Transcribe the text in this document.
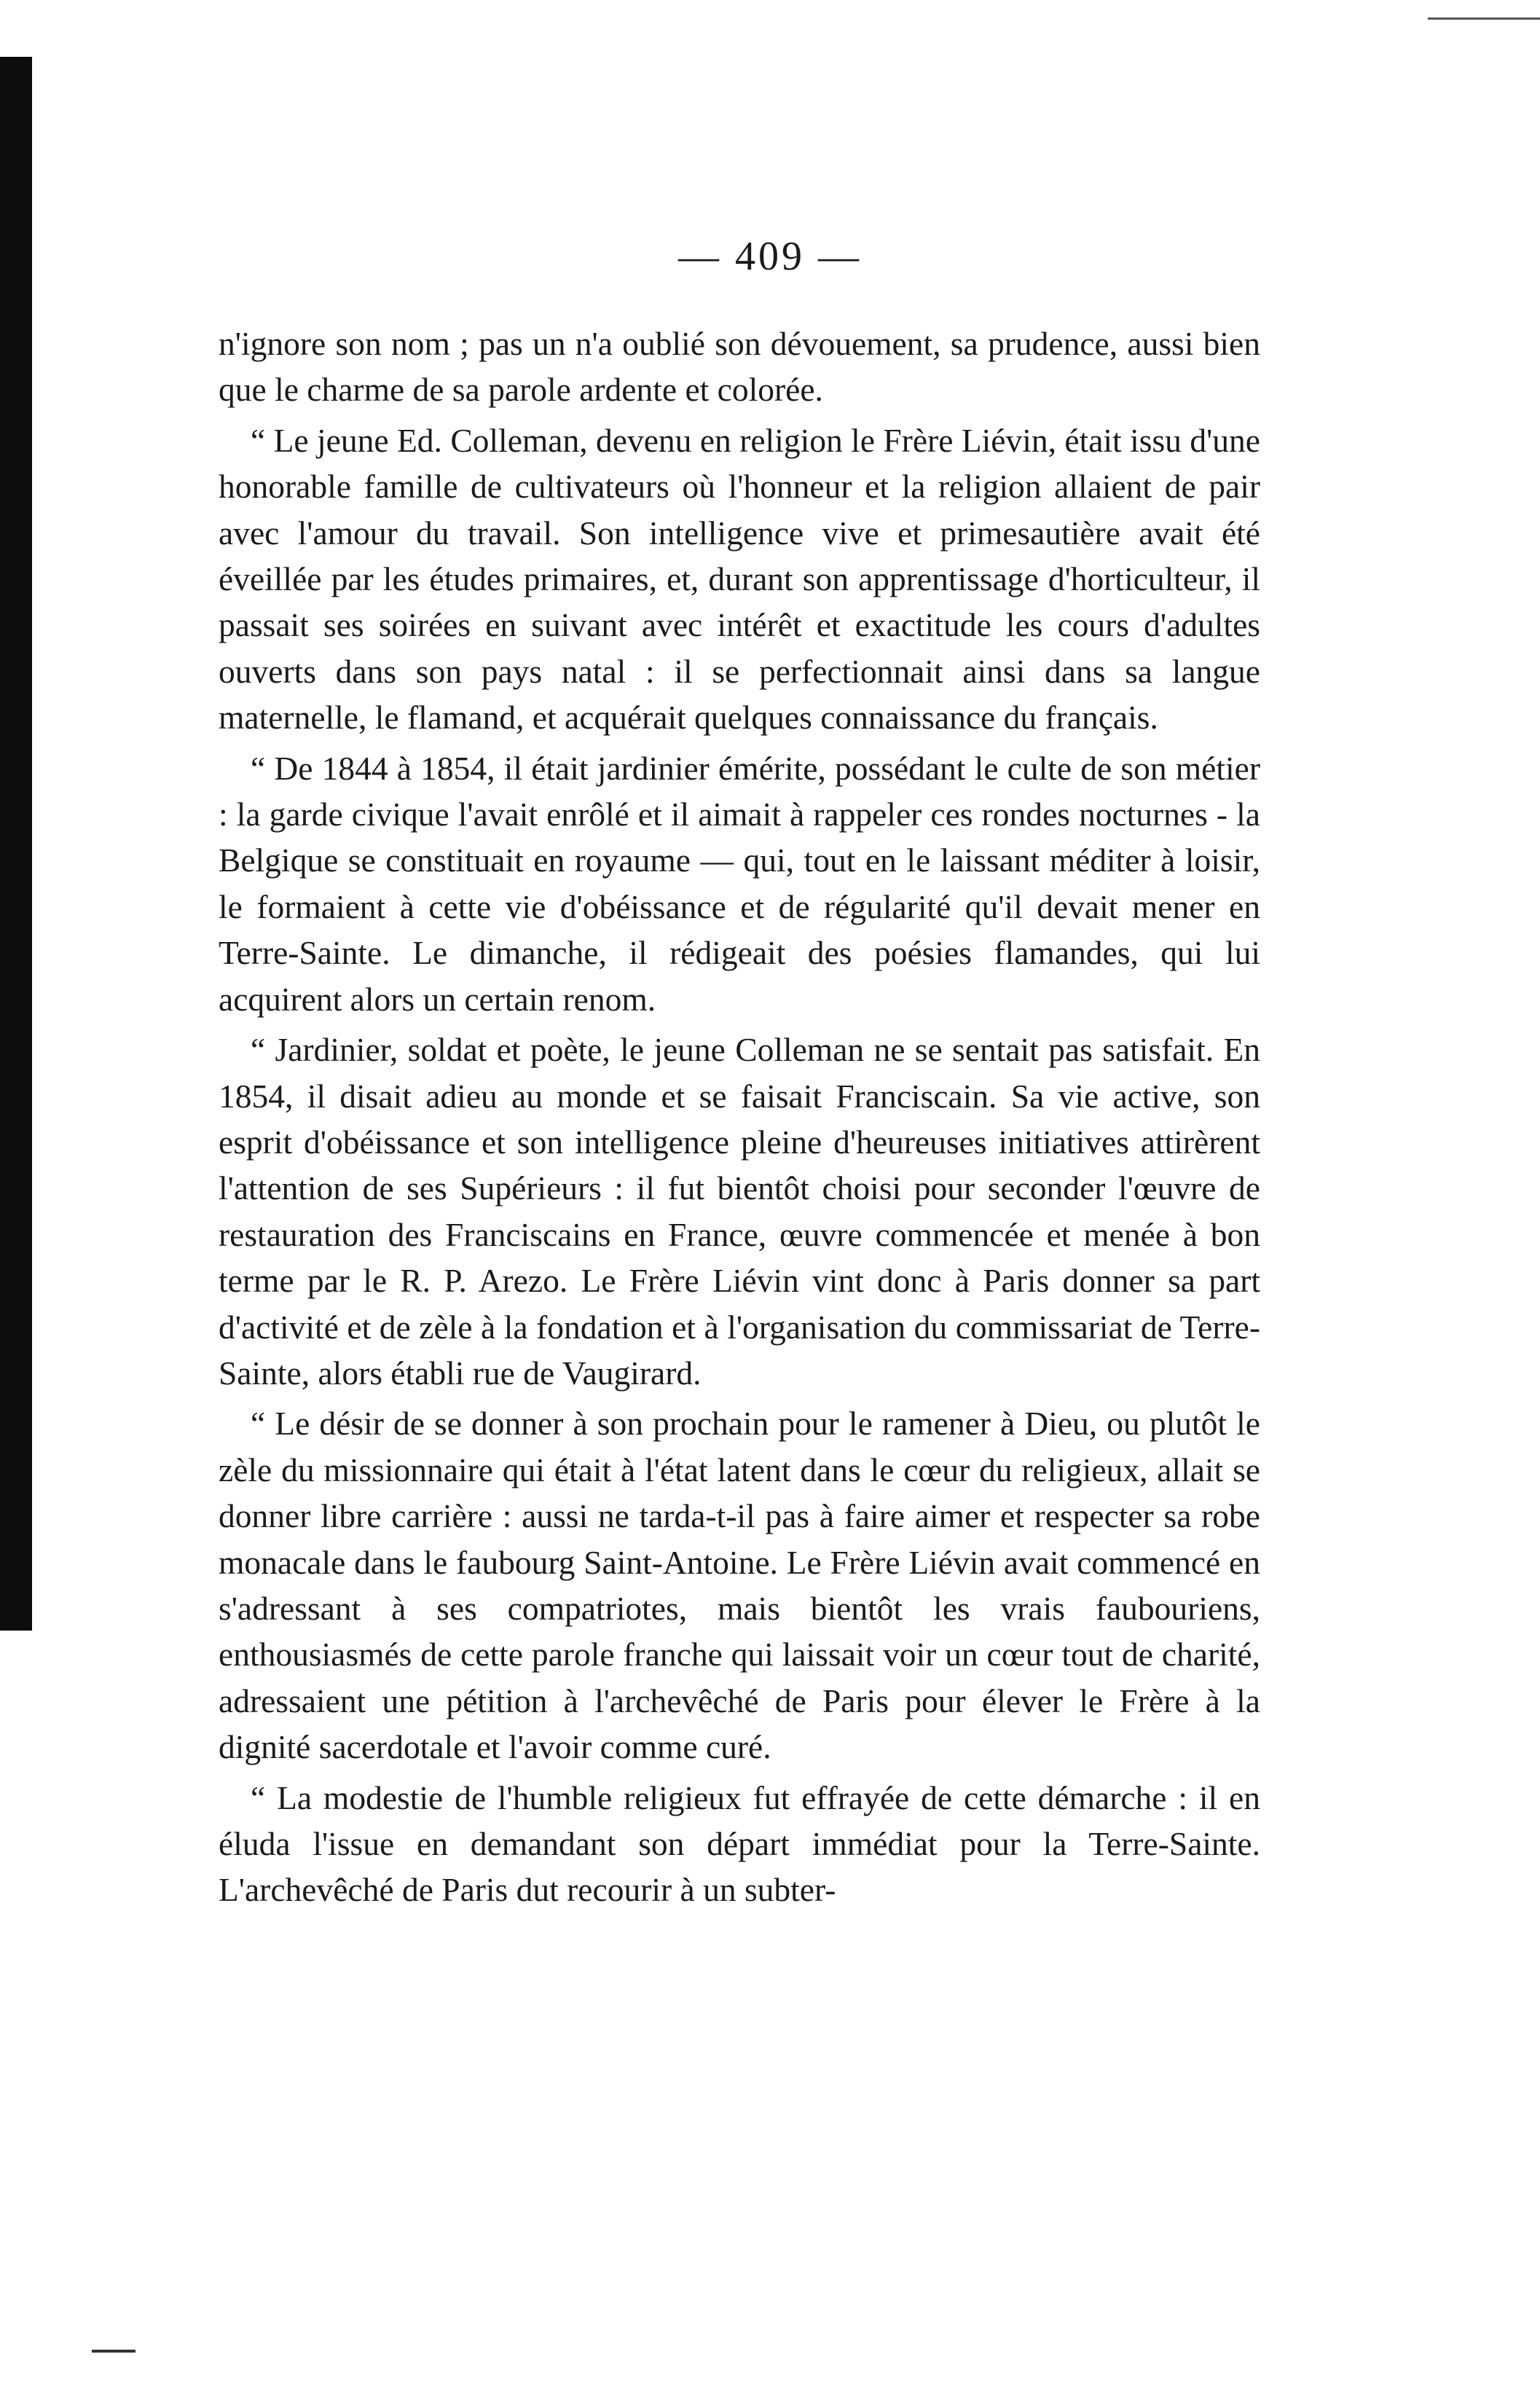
— 409 —

n'ignore son nom ; pas un n'a oublié son dévouement, sa prudence, aussi bien que le charme de sa parole ardente et colorée.

“ Le jeune Ed. Colleman, devenu en religion le Frère Liévin, était issu d'une honorable famille de cultivateurs où l'honneur et la religion allaient de pair avec l'amour du travail. Son intelligence vive et primesautière avait été éveillée par les études primaires, et, durant son apprentissage d'horticulteur, il passait ses soirées en suivant avec intérêt et exactitude les cours d'adultes ouverts dans son pays natal : il se perfectionnait ainsi dans sa langue maternelle, le flamand, et acquérait quelques connaissance du français.

“ De 1844 à 1854, il était jardinier émérite, possédant le culte de son métier : la garde civique l'avait enrôlé et il aimait à rappeler ces rondes nocturnes - la Belgique se constituait en royaume — qui, tout en le laissant méditer à loisir, le formaient à cette vie d'obéissance et de régularité qu'il devait mener en Terre-Sainte. Le dimanche, il rédigeait des poésies flamandes, qui lui acquirent alors un certain renom.

“ Jardinier, soldat et poète, le jeune Colleman ne se sentait pas satisfait. En 1854, il disait adieu au monde et se faisait Franciscain. Sa vie active, son esprit d'obéissance et son intelligence pleine d'heureuses initiatives attirèrent l'attention de ses Supérieurs : il fut bientôt choisi pour seconder l'œuvre de restauration des Franciscains en France, œuvre commencée et menée à bon terme par le R. P. Arezo. Le Frère Liévin vint donc à Paris donner sa part d'activité et de zèle à la fondation et à l'organisation du commissariat de Terre-Sainte, alors établi rue de Vaugirard.

“ Le désir de se donner à son prochain pour le ramener à Dieu, ou plutôt le zèle du missionnaire qui était à l'état latent dans le cœur du religieux, allait se donner libre carrière : aussi ne tarda-t-il pas à faire aimer et respecter sa robe monacale dans le faubourg Saint-Antoine. Le Frère Liévin avait commencé en s'adressant à ses compatriotes, mais bientôt les vrais faubouriens, enthousiasmés de cette parole franche qui laissait voir un cœur tout de charité, adressaient une pétition à l'archevêché de Paris pour élever le Frère à la dignité sacerdotale et l'avoir comme curé.

“ La modestie de l'humble religieux fut effrayée de cette démarche : il en éluda l'issue en demandant son départ immédiat pour la Terre-Sainte. L'archevêché de Paris dut recourir à un subter-
